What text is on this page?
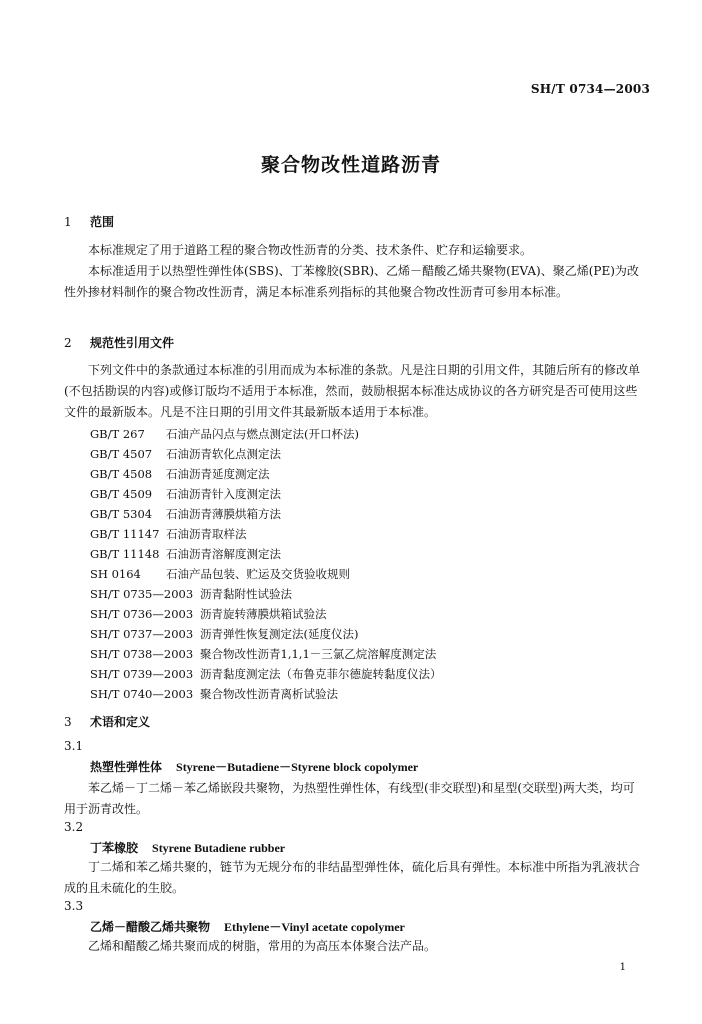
SH/T 0734—2003
聚合物改性道路沥青
1 范围
本标准规定了用于道路工程的聚合物改性沥青的分类、技术条件、贮存和运输要求。
本标准适用于以热塑性弹性体(SBS)、丁苯橡胶(SBR)、乙烯－醋酸乙烯共聚物(EVA)、聚乙烯(PE)为改性外掺材料制作的聚合物改性沥青，满足本标准系列指标的其他聚合物改性沥青可参用本标准。
2 规范性引用文件
下列文件中的条款通过本标准的引用而成为本标准的条款。凡是注日期的引用文件，其随后所有的修改单(不包括勘误的内容)或修订版均不适用于本标准，然而，鼓励根据本标准达成协议的各方研究是否可使用这些文件的最新版本。凡是不注日期的引用文件其最新版本适用于本标准。
GB/T 267 石油产品闪点与燃点测定法(开口杯法)
GB/T 4507 石油沥青软化点测定法
GB/T 4508 石油沥青延度测定法
GB/T 4509 石油沥青针入度测定法
GB/T 5304 石油沥青薄膜烘箱方法
GB/T 11147 石油沥青取样法
GB/T 11148 石油沥青溶解度测定法
SH 0164 石油产品包装、贮运及交货验收规则
SH/T 0735—2003 沥青黏附性试验法
SH/T 0736—2003 沥青旋转薄膜烘箱试验法
SH/T 0737—2003 沥青弹性恢复测定法(延度仪法)
SH/T 0738—2003 聚合物改性沥青1,1,1－三氯乙烷溶解度测定法
SH/T 0739—2003 沥青黏度测定法（布鲁克菲尔德旋转黏度仪法）
SH/T 0740—2003 聚合物改性沥青离析试验法
3 术语和定义
3.1
热塑性弹性体 Styrene－Butadiene－Styrene block copolymer
苯乙烯－丁二烯－苯乙烯嵌段共聚物，为热塑性弹性体，有线型(非交联型)和星型(交联型)两大类，均可用于沥青改性。
3.2
丁苯橡胶 Styrene Butadiene rubber
丁二烯和苯乙烯共聚的，链节为无规分布的非结晶型弹性体，硫化后具有弹性。本标准中所指为乳液状合成的且未硫化的生胶。
3.3
乙烯－醋酸乙烯共聚物 Ethylene－Vinyl acetate copolymer
乙烯和醋酸乙烯共聚而成的树脂，常用的为高压本体聚合法产品。
1
